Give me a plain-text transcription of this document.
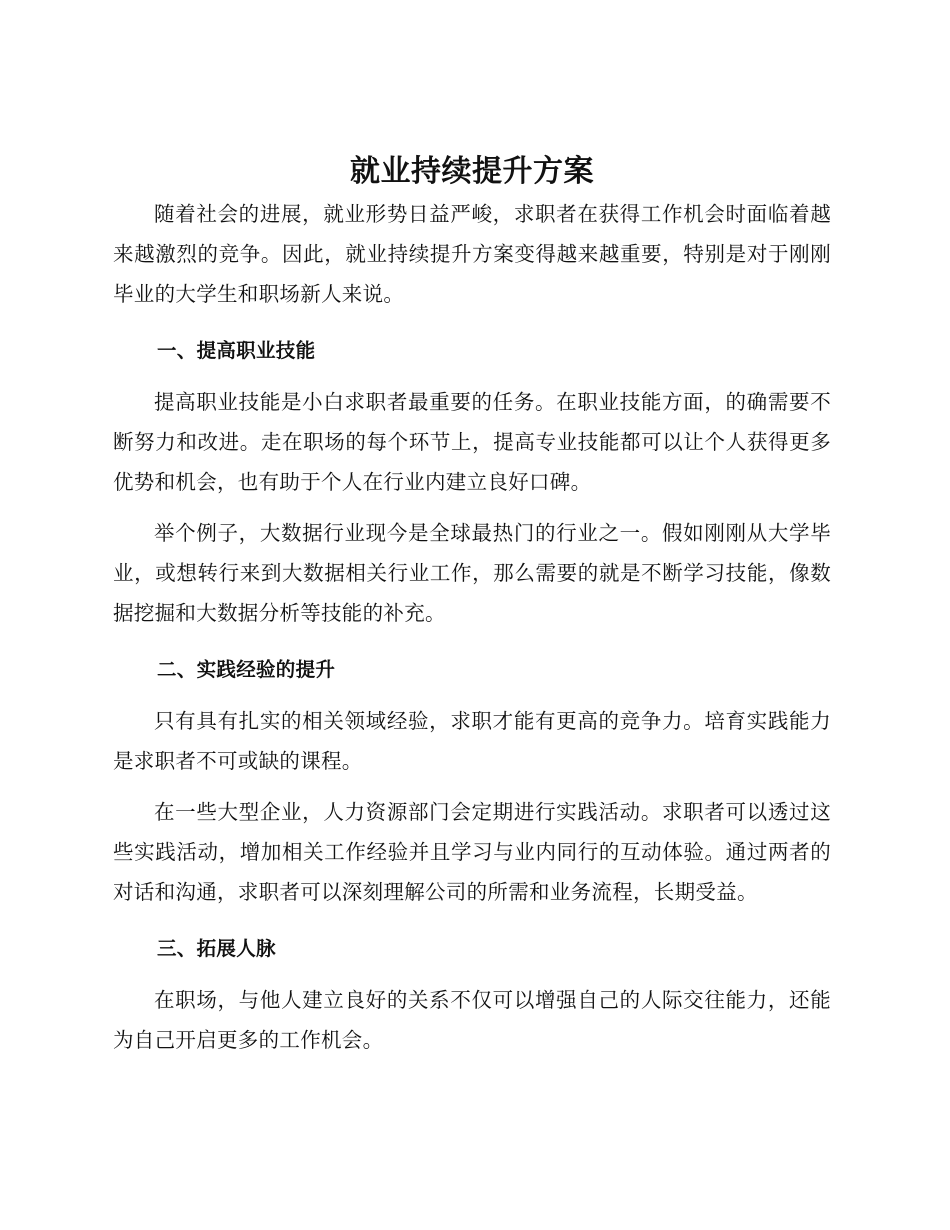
就业持续提升方案

随着社会的进展，就业形势日益严峻，求职者在获得工作机会时面临着越来越激烈的竞争。因此，就业持续提升方案变得越来越重要，特别是对于刚刚毕业的大学生和职场新人来说。

一、提高职业技能

提高职业技能是小白求职者最重要的任务。在职业技能方面，的确需要不断努力和改进。走在职场的每个环节上，提高专业技能都可以让个人获得更多优势和机会，也有助于个人在行业内建立良好口碑。

举个例子，大数据行业现今是全球最热门的行业之一。假如刚刚从大学毕业，或想转行来到大数据相关行业工作，那么需要的就是不断学习技能，像数据挖掘和大数据分析等技能的补充。

二、实践经验的提升

只有具有扎实的相关领域经验，求职才能有更高的竞争力。培育实践能力是求职者不可或缺的课程。

在一些大型企业，人力资源部门会定期进行实践活动。求职者可以透过这些实践活动，增加相关工作经验并且学习与业内同行的互动体验。通过两者的对话和沟通，求职者可以深刻理解公司的所需和业务流程，长期受益。

三、拓展人脉

在职场，与他人建立良好的关系不仅可以增强自己的人际交往能力，还能为自己开启更多的工作机会。
